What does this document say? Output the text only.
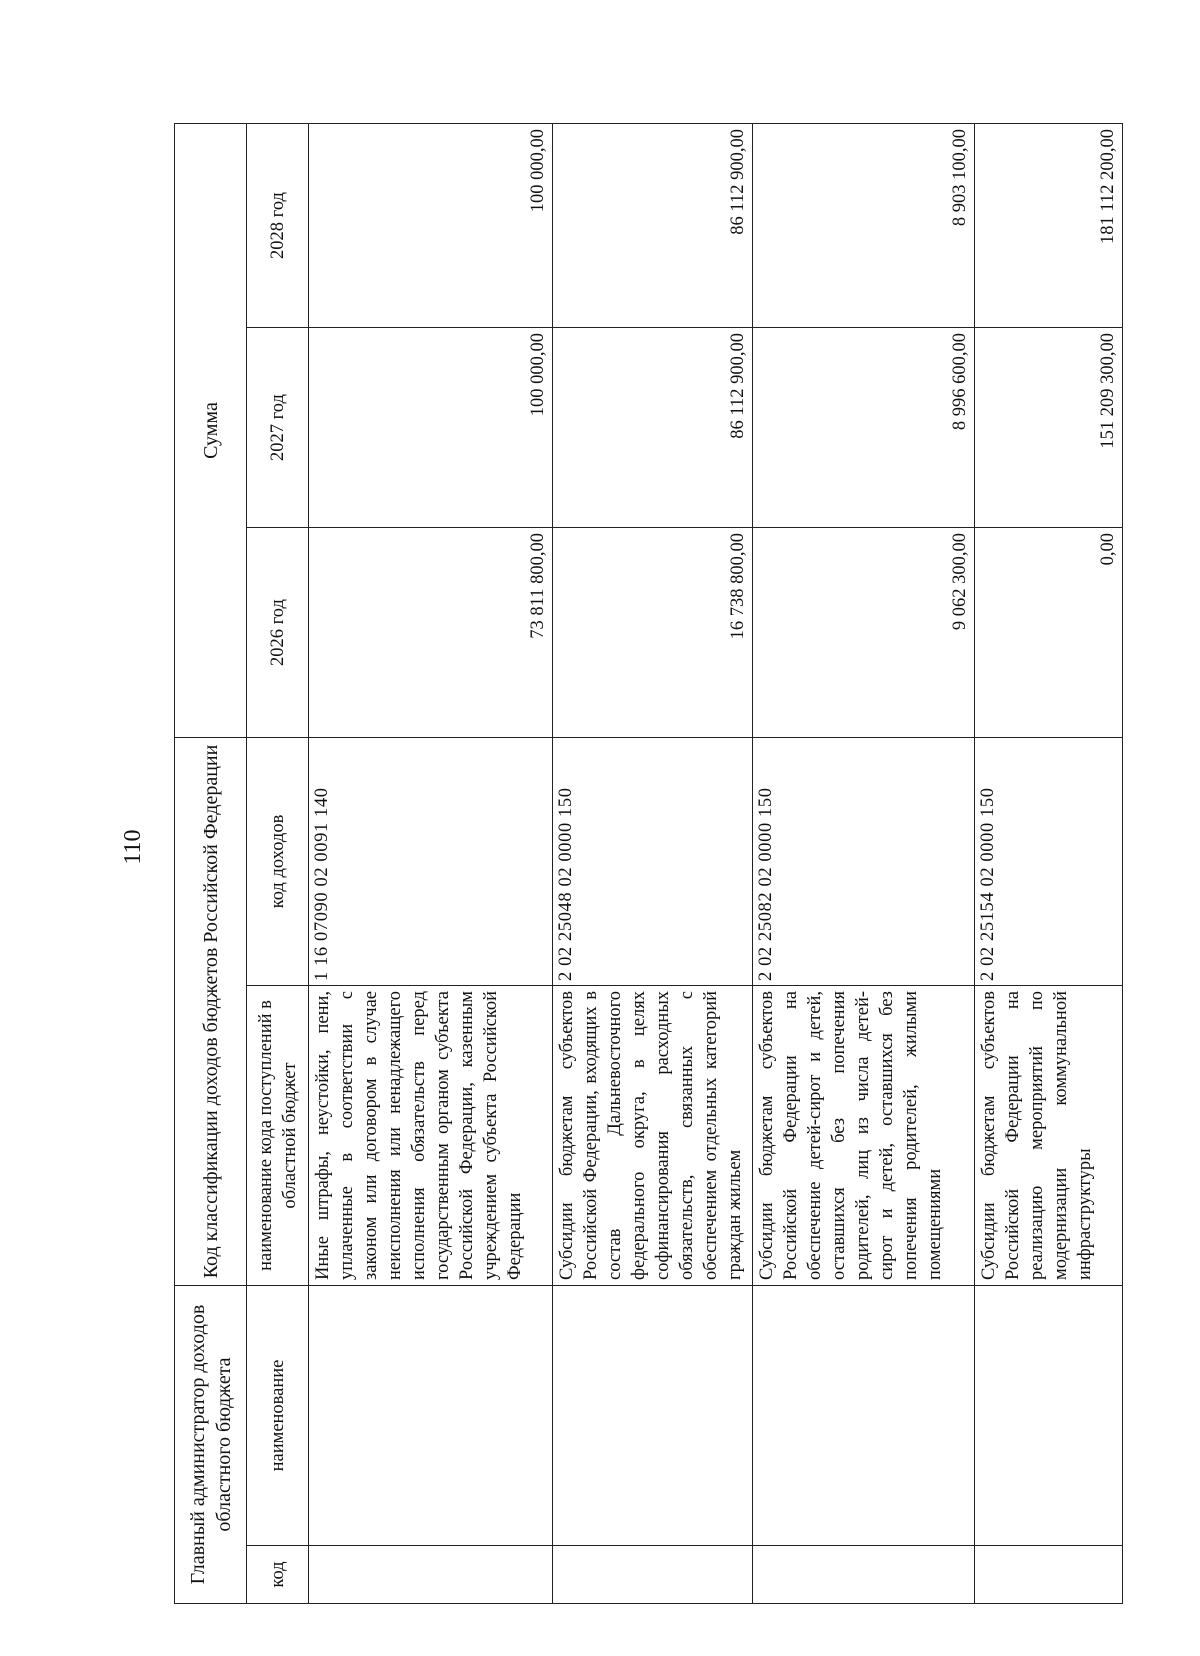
110
Главный администратор доходов областного бюджета		Код классификации доходов бюджетов Российской Федерации		Сумма		
код	наименование	наименование кода поступлений в областной бюджет	код доходов	2026 год	2027 год	2028 год
		Иные штрафы, неустойки, пени, уплаченные в соответствии с законом или договором в случае неисполнения или ненадлежащего исполнения обязательств перед государственным органом субъекта Российской Федерации, казенным учреждением субъекта Российской Федерации	1 16 07090 02 0091 140	73 811 800,00	100 000,00	100 000,00
		Субсидии бюджетам субъектов Российской Федерации, входящих в состав Дальневосточного федерального округа, в целях софинансирования расходных обязательств, связанных с обеспечением отдельных категорий граждан жильем	2 02 25048 02 0000 150	16 738 800,00	86 112 900,00	86 112 900,00
		Субсидии бюджетам субъектов Российской Федерации на обеспечение детей-сирот и детей, оставшихся без попечения родителей, лиц из числа детей-сирот и детей, оставшихся без попечения родителей, жилыми помещениями	2 02 25082 02 0000 150	9 062 300,00	8 996 600,00	8 903 100,00
		Субсидии бюджетам субъектов Российской Федерации на реализацию мероприятий по модернизации коммунальной инфраструктуры	2 02 25154 02 0000 150	0,00	151 209 300,00	181 112 200,00
